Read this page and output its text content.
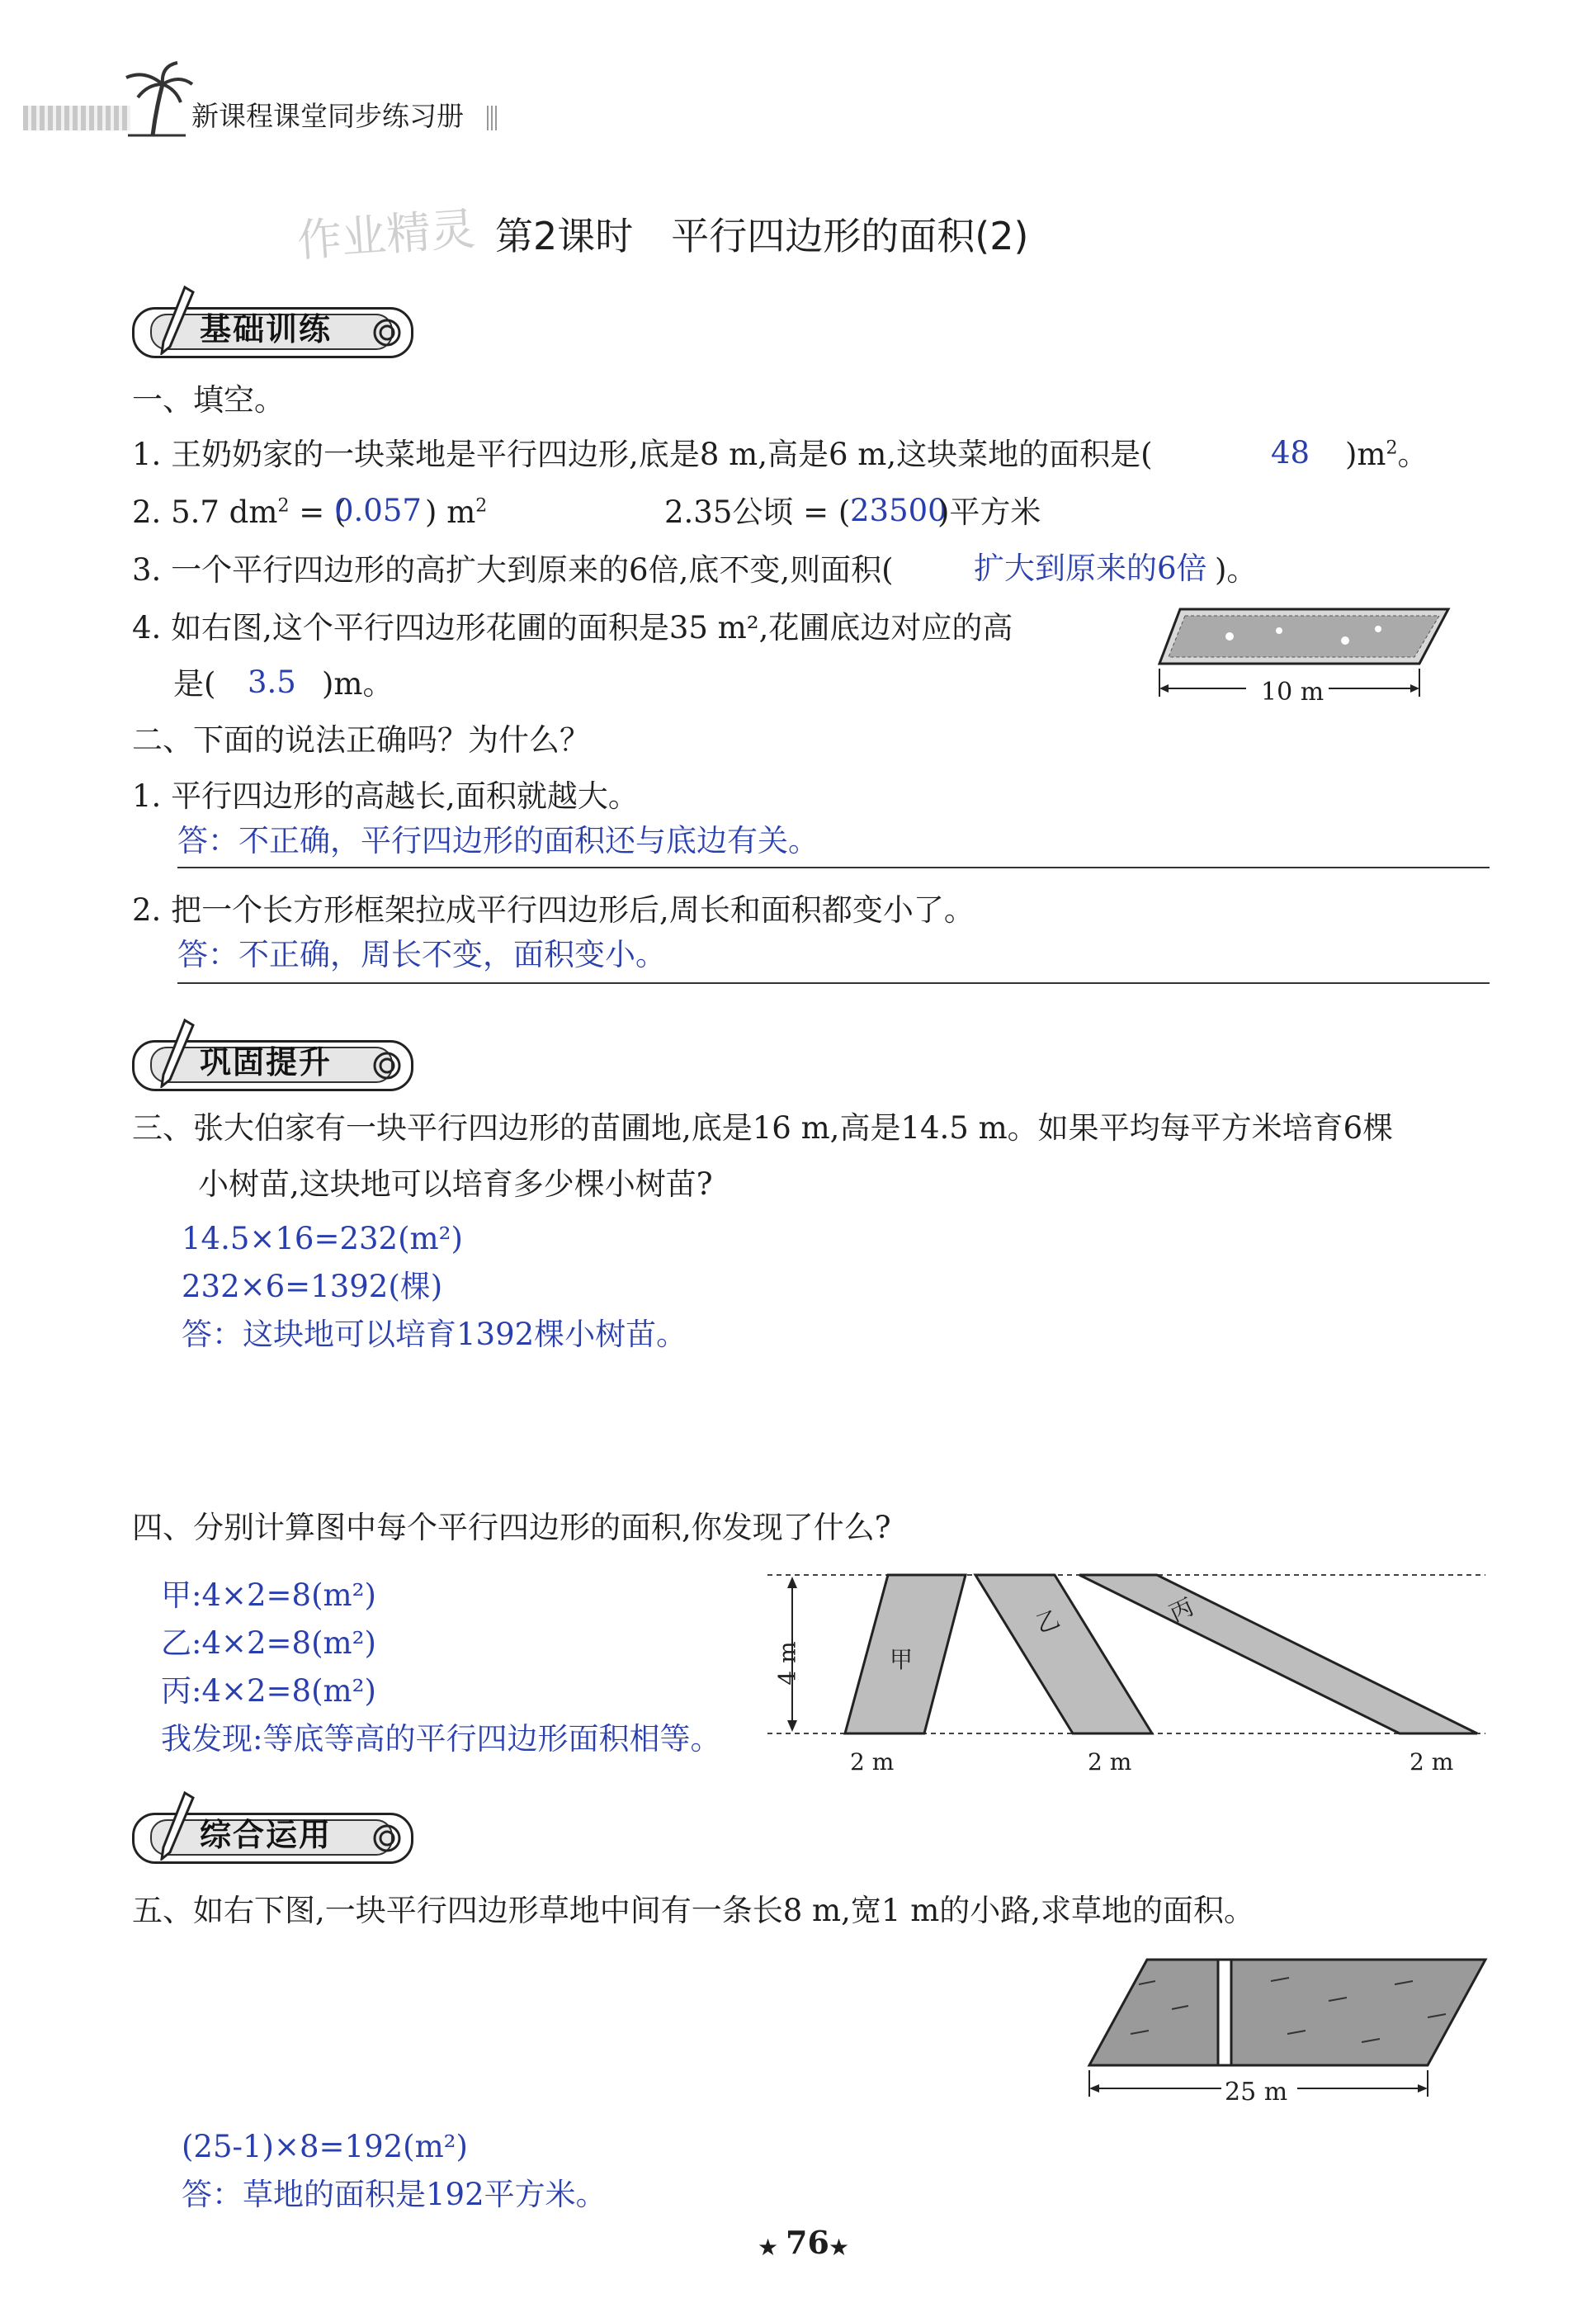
新课程课堂同步练习册
作业精灵 第2课时　平行四边形的面积(2)
基础训练
一、填空。
1. 王奶奶家的一块菜地是平行四边形,底是8 m,高是6 m,这块菜地的面积是(	48 )$m^2$。
2. 5.7 $dm^2$ = (
0.057 ) $m^2$	2.35公顷 = ( 23500
)平方米
3. 一个平行四边形的高扩大到原来的6倍,底不变,则面积(	扩大到原来的6倍 )。
4. 如右图,这个平行四边形花圃的面积是35 m²,花圃底边对应的高
是( 3.5 )m。	10 m
二、下面的说法正确吗？为什么？
1. 平行四边形的高越长,面积就越大。
答：不正确，平行四边形的面积还与底边有关。
2. 把一个长方形框架拉成平行四边形后,周长和面积都变小了。
答：不正确，周长不变，面积变小。
巩固提升
三、张大伯家有一块平行四边形的苗圃地,底是16 m,高是14.5 m。如果平均每平方米培育6棵
小树苗,这块地可以培育多少棵小树苗?
14.5×16=232(m²)
232×6=1392(棵)
答：这块地可以培育1392棵小树苗。
四、分别计算图中每个平行四边形的面积,你发现了什么?
甲:4×2=8(m²)
乙:4×2=8(m²)
丙:4×2=8(m²)
我发现:等底等高的平行四边形面积相等。
4 m	甲
乙	丙
2 m	2 m	2 m
综合运用
五、如右下图,一块平行四边形草地中间有一条长8 m,宽1 m的小路,求草地的面积。
25 m
(25-1)×8=192(m²)
答：草地的面积是192平方米。
★ 76 ★
